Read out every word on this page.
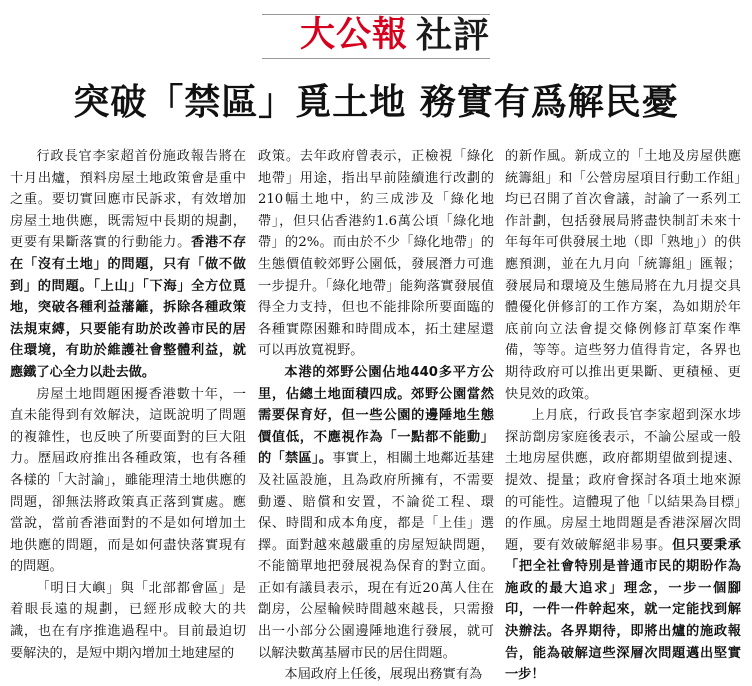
大公報 社評
突破「禁區」覓土地 務實有爲解民憂

行政長官李家超首份施政報告將在十月出爐，預料房屋土地政策會是重中之重。要切實回應市民訴求，有效增加房屋土地供應，既需短中長期的規劃，更要有果斷落實的行動能力。香港不存在「沒有土地」的問題，只有「做不做到」的問題。「上山」「下海」全方位覓地，突破各種利益藩籬，拆除各種政策法規束縛，只要能有助於改善市民的居住環境，有助於維護社會整體利益，就應鐵了心全力以赴去做。

房屋土地問題困擾香港數十年，一直未能得到有效解決，這既說明了問題的複雜性，也反映了所要面對的巨大阻力。歷屆政府推出各種政策，也有各種各樣的「大討論」，雖能理清土地供應的問題，卻無法將政策真正落到實處。應當說，當前香港面對的不是如何增加土地供應的問題，而是如何盡快落實現有的問題。

「明日大嶼」與「北部都會區」是着眼長遠的規劃，已經形成較大的共識，也在有序推進過程中。目前最迫切要解決的，是短中期內增加土地建屋的

政策。去年政府曾表示，正檢視「綠化地帶」用途，指出早前陸續進行改劃的210幅土地中，約三成涉及「綠化地帶」，但只佔香港約1.6萬公頃「綠化地帶」的2%。而由於不少「綠化地帶」的生態價值較郊野公園低，發展潛力可進一步提升。「綠化地帶」能夠落實發展值得全力支持，但也不能排除所要面臨的各種實際困難和時間成本，拓土建屋還可以再放寬視野。

本港的郊野公園佔地440多平方公里，佔總土地面積四成。郊野公園當然需要保育好，但一些公園的邊陲地生態價值低，不應視作為「一點都不能動」的「禁區」。事實上，相關土地鄰近基建及社區設施，且為政府所擁有，不需要動遷、賠償和安置，不論從工程、環保、時間和成本角度，都是「上佳」選擇。面對越來越嚴重的房屋短缺問題，不能簡單地把發展視為保育的對立面。正如有議員表示，現在有近20萬人住在劏房，公屋輪候時間越來越長，只需撥出一小部分公園邊陲地進行發展，就可以解決數萬基層市民的居住問題。

本屆政府上任後，展現出務實有為

的新作風。新成立的「土地及房屋供應統籌組」和「公營房屋項目行動工作組」均已召開了首次會議，討論了一系列工作計劃，包括發展局將盡快制訂未來十年每年可供發展土地（即「熟地」）的供應預測，並在九月向「統籌組」匯報；發展局和環境及生態局將在九月提交具體優化併修訂的工作方案，為如期於年底前向立法會提交條例修訂草案作準備，等等。這些努力值得肯定，各界也期待政府可以推出更果斷、更積極、更快見效的政策。

上月底，行政長官李家超到深水埗探訪劏房家庭後表示，不論公屋或一般土地房屋供應，政府都期望做到提速、提效、提量；政府會探討各項土地來源的可能性。這體現了他「以結果為目標」的作風。房屋土地問題是香港深層次問題，要有效破解絕非易事。但只要秉承「把全社會特別是普通市民的期盼作為施政的最大追求」理念，一步一個腳印，一件一件幹起來，就一定能找到解決辦法。各界期待，即將出爐的施政報告，能為破解這些深層次問題邁出堅實一步！
